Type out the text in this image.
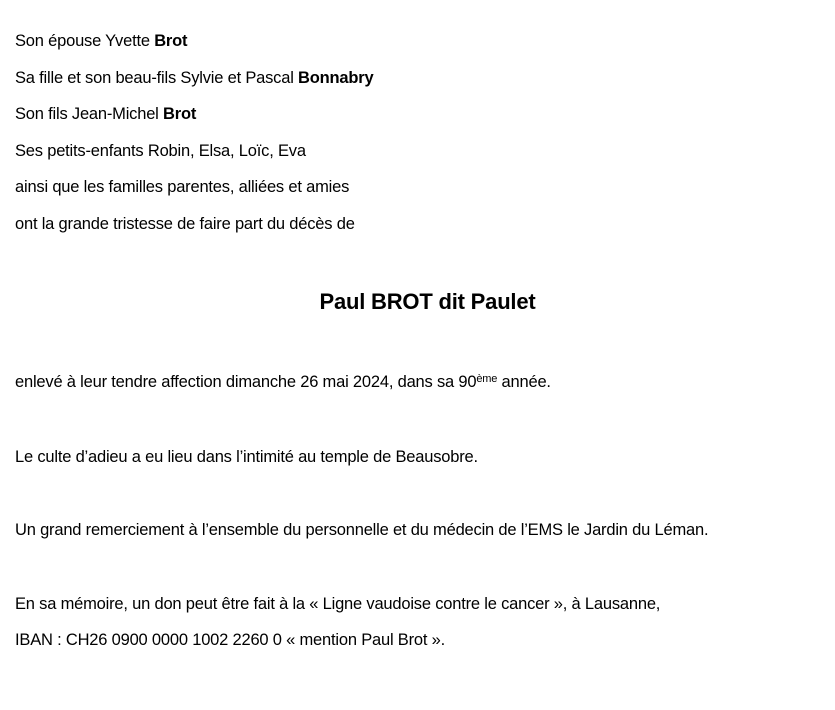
Son épouse Yvette Brot
Sa fille et son beau-fils Sylvie et Pascal Bonnabry
Son fils Jean-Michel Brot
Ses petits-enfants Robin, Elsa, Loïc, Eva
ainsi que les familles parentes, alliées et amies
ont la grande tristesse de faire part du décès de
Paul BROT dit Paulet
enlevé à leur tendre affection dimanche 26 mai 2024, dans sa 90ème année.
Le culte d’adieu a eu lieu dans l’intimité au temple de Beausobre.
Un grand remerciement à l’ensemble du personnelle et du médecin de l’EMS le Jardin du Léman.
En sa mémoire, un don peut être fait à la « Ligne vaudoise contre le cancer », à Lausanne,
IBAN : CH26 0900 0000 1002 2260 0 « mention Paul Brot ».
